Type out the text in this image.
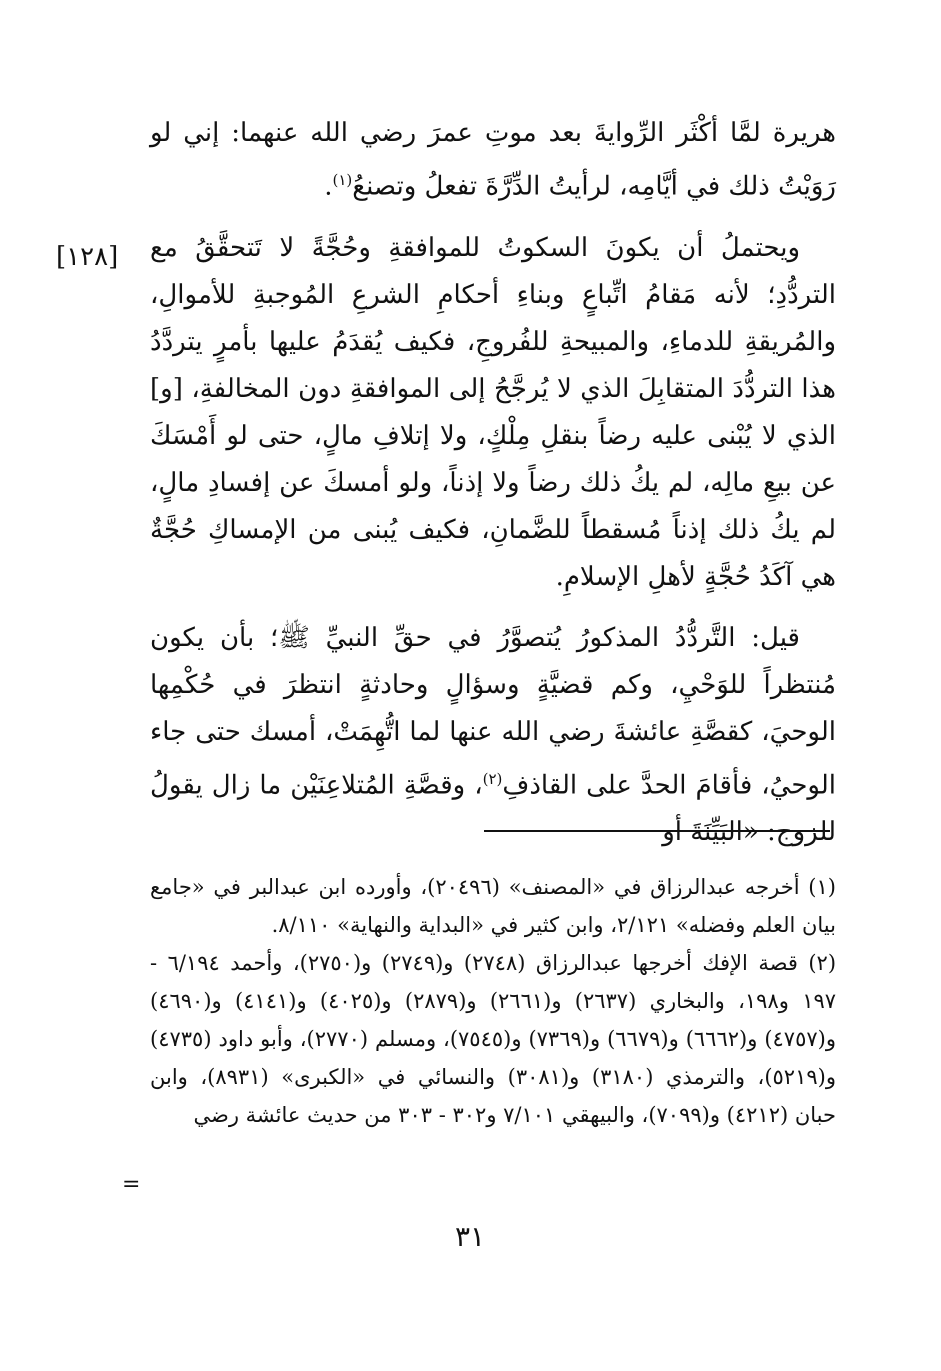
هريرة لمَّا أكْثَر الرِّوايةَ بعد موتِ عمرَ رضي الله عنهما: إني لو رَوَيْتُ ذلك في أيَّامِه، لرأيتُ الدِّرَّةَ تفعلُ وتصنعُ$^{(١)}$.

ويحتملُ أن يكونَ السكوتُ للموافقةِ وحُجَّةً لا تَتحقَّقُ مع التردُّدِ؛ لأنه مَقامُ اتِّباعٍ وبناءِ أحكامِ الشرعِ المُوجبةِ للأموالِ، والمُريقةِ للدماءِ، والمبيحةِ للفُروجِ، فكيف يُقدَمُ عليها بأمرٍ يتردَّدُ هذا التردُّدَ المتقابِلَ الذي لا يُرجَّحُ إلى الموافقةِ دون المخالفةِ، [و] الذي لا يُبْنى عليه رضاً بنقلِ مِلْكٍ، ولا إتلافِ مالٍ، حتى لو أَمْسَكَ عن بيعِ مالِه، لم يكُ ذلك رضاً ولا إذناً، ولو أمسكَ عن إفسادِ مالٍ، لم يكُ ذلك إذناً مُسقطاً للضَّمانِ، فكيف يُبنى من الإمساكِ حُجَّةٌ هي آكَدُ حُجَّةٍ لأهلِ الإسلامِ.

قيل: التَّردُّدُ المذكورُ يُتصوَّرُ في حقِّ النبيِّ ﷺ؛ بأن يكون مُنتظراً للوَحْيِ، وكم قضيَّةٍ وسؤالٍ وحادثةٍ انتظرَ في حُكْمِها الوحيَ، كقصَّةِ عائشةَ رضي الله عنها لما اتُّهِمَتْ، أمسك حتى جاء الوحيُ، فأقامَ الحدَّ على القاذفِ$^{(٢)}$، وقصَّةِ المُتلاعِنَيْن ما زال يقولُ للزوج: «البَيِّنَةَ أو

[١٢٨]

(١) أخرجه عبدالرزاق في «المصنف» (٢٠٤٩٦)، وأورده ابن عبدالبر في «جامع بيان العلم وفضله» ٢/١٢١، وابن كثير في «البداية والنهاية» ٨/١١٠.

(٢) قصة الإفك أخرجها عبدالرزاق (٢٧٤٨) و(٢٧٤٩) و(٢٧٥٠)، وأحمد ٦/١٩٤ - ١٩٧ و١٩٨، والبخاري (٢٦٣٧) و(٢٦٦١) و(٢٨٧٩) و(٤٠٢٥) و(٤١٤١) و(٤٦٩٠) و(٤٧٥٧) و(٦٦٦٢) و(٦٦٧٩) و(٧٣٦٩) و(٧٥٤٥)، ومسلم (٢٧٧٠)، وأبو داود (٤٧٣٥) و(٥٢١٩)، والترمذي (٣١٨٠) و(٣٠٨١) والنسائي في «الكبرى» (٨٩٣١)، وابن حبان (٤٢١٢) و(٧٠٩٩)، والبيهقي ٧/١٠١ و٣٠٢ - ٣٠٣ من حديث عائشة رضي

=
٣١
